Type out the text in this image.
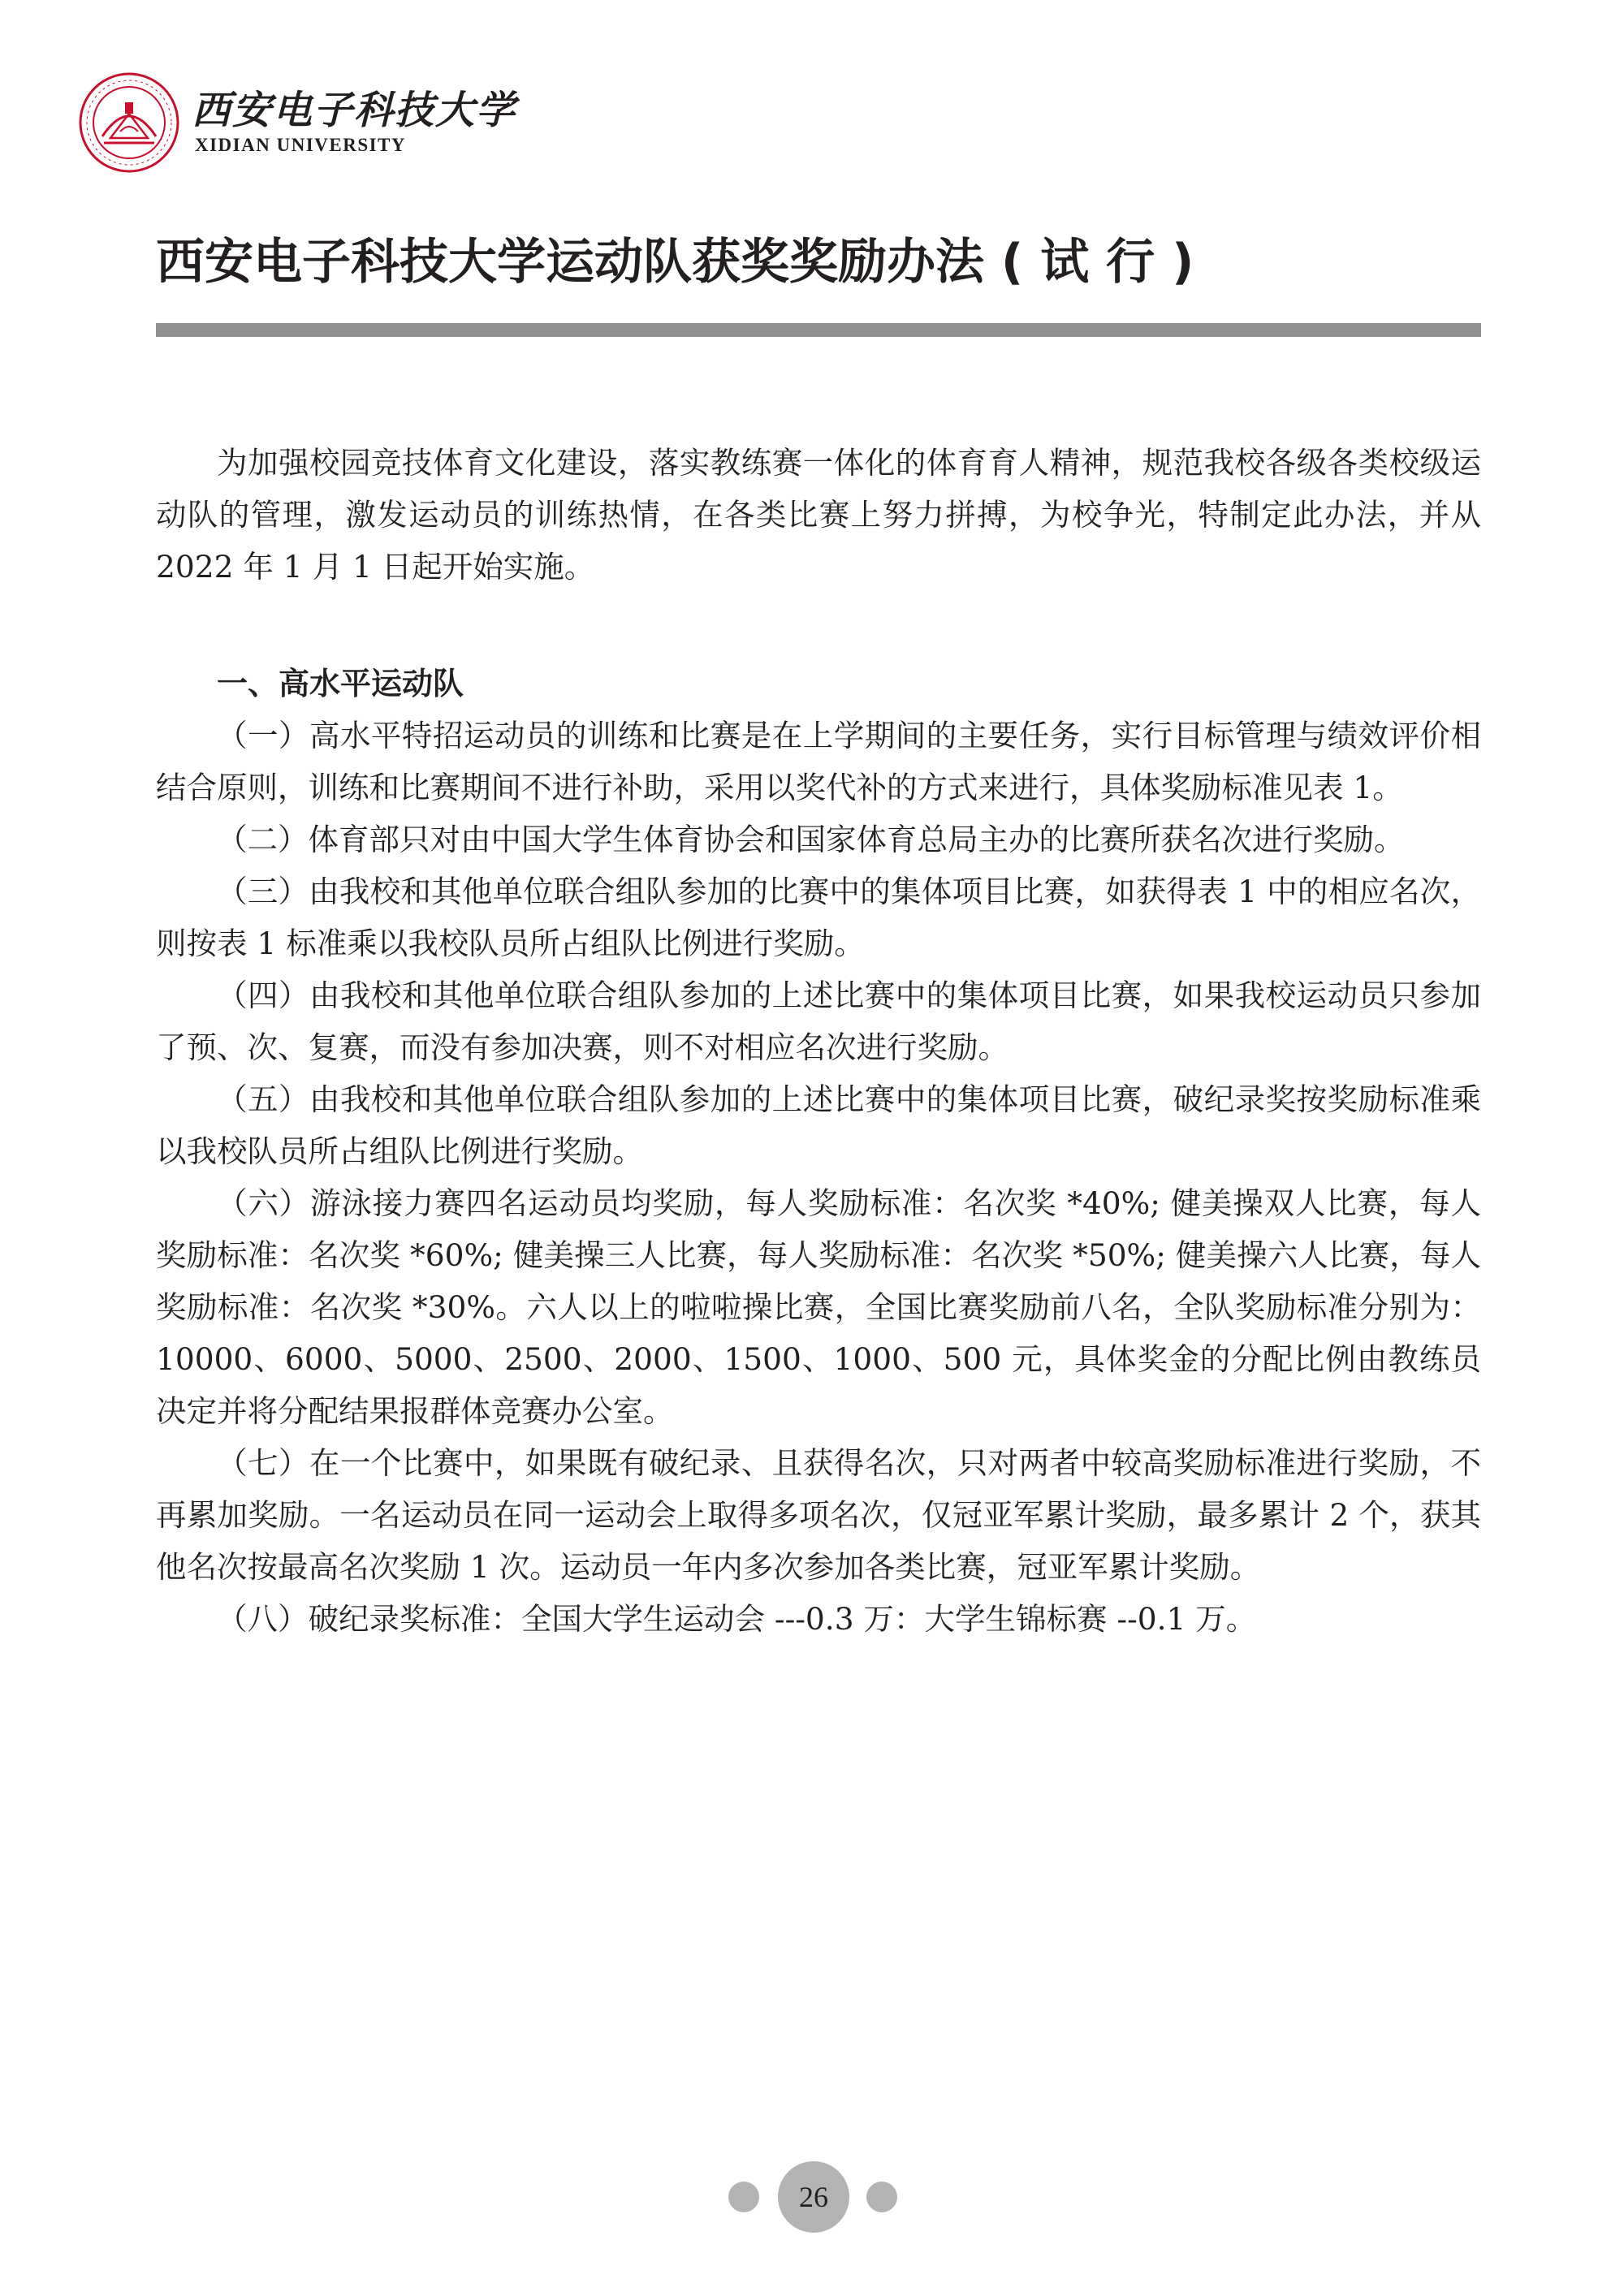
西安电子科技大学
XIDIAN UNIVERSITY
西安电子科技大学运动队获奖奖励办法 ( 试 行 )

为加强校园竞技体育文化建设，落实教练赛一体化的体育育人精神，规范我校各级各类校级运动队的管理，激发运动员的训练热情，在各类比赛上努力拼搏，为校争光，特制定此办法，并从 2022 年 1 月 1 日起开始实施。

一、高水平运动队

（一）高水平特招运动员的训练和比赛是在上学期间的主要任务，实行目标管理与绩效评价相结合原则，训练和比赛期间不进行补助，采用以奖代补的方式来进行，具体奖励标准见表 1。

（二）体育部只对由中国大学生体育协会和国家体育总局主办的比赛所获名次进行奖励。

（三）由我校和其他单位联合组队参加的比赛中的集体项目比赛，如获得表 1 中的相应名次，则按表 1 标准乘以我校队员所占组队比例进行奖励。

（四）由我校和其他单位联合组队参加的上述比赛中的集体项目比赛，如果我校运动员只参加了预、次、复赛，而没有参加决赛，则不对相应名次进行奖励。

（五）由我校和其他单位联合组队参加的上述比赛中的集体项目比赛，破纪录奖按奖励标准乘以我校队员所占组队比例进行奖励。

（六）游泳接力赛四名运动员均奖励，每人奖励标准：名次奖 *40%; 健美操双人比赛，每人奖励标准：名次奖 *60%; 健美操三人比赛，每人奖励标准：名次奖 *50%; 健美操六人比赛，每人奖励标准：名次奖 *30%。六人以上的啦啦操比赛，全国比赛奖励前八名，全队奖励标准分别为：10000、6000、5000、2500、2000、1500、1000、500 元，具体奖金的分配比例由教练员决定并将分配结果报群体竞赛办公室。

（七）在一个比赛中，如果既有破纪录、且获得名次，只对两者中较高奖励标准进行奖励，不再累加奖励。一名运动员在同一运动会上取得多项名次，仅冠亚军累计奖励，最多累计 2 个，获其他名次按最高名次奖励 1 次。运动员一年内多次参加各类比赛，冠亚军累计奖励。

（八）破纪录奖标准：全国大学生运动会 ---0.3 万：大学生锦标赛 --0.1 万。

26
